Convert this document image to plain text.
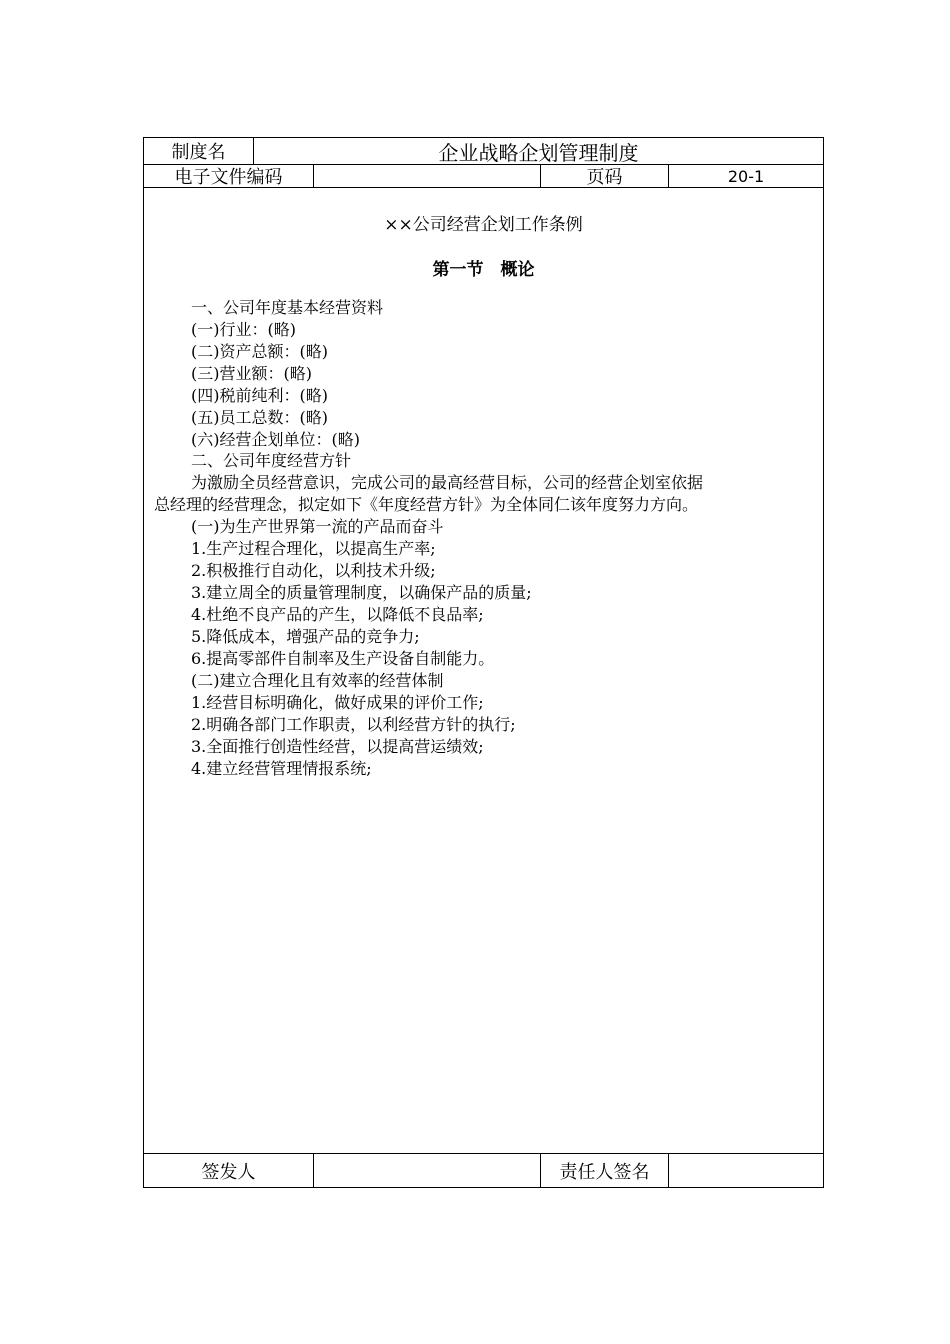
制度名	企业战略企划管理制度
电子文件编码	页码	20-1
××公司经营企划工作条例
第一节　概论
一、公司年度基本经营资料
(一)行业：(略)
(二)资产总额：(略)
(三)营业额：(略)
(四)税前纯利：(略)
(五)员工总数：(略)
(六)经营企划单位：(略)
二、公司年度经营方针
为激励全员经营意识，完成公司的最高经营目标，公司的经营企划室依据
总经理的经营理念，拟定如下《年度经营方针》为全体同仁该年度努力方向。
(一)为生产世界第一流的产品而奋斗
1.生产过程合理化，以提高生产率;
2.积极推行自动化，以利技术升级;
3.建立周全的质量管理制度，以确保产品的质量;
4.杜绝不良产品的产生，以降低不良品率;
5.降低成本，增强产品的竞争力;
6.提高零部件自制率及生产设备自制能力。
(二)建立合理化且有效率的经营体制
1.经营目标明确化，做好成果的评价工作;
2.明确各部门工作职责，以利经营方针的执行;
3.全面推行创造性经营，以提高营运绩效;
4.建立经营管理情报系统;
签发人	责任人签名
